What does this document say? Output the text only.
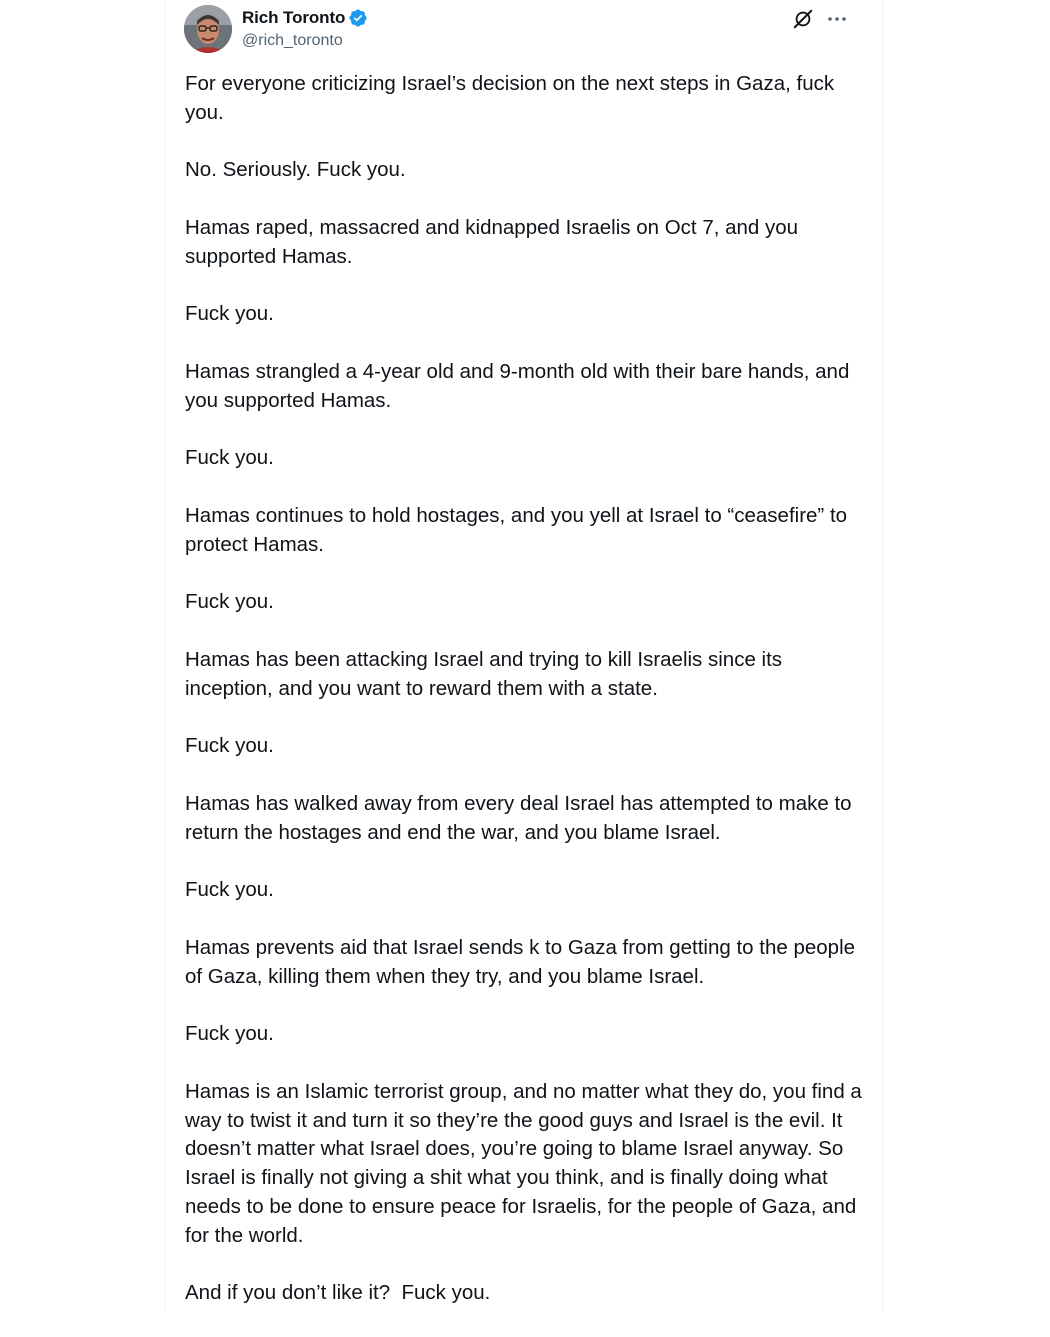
Rich Toronto
@rich_toronto

For everyone criticizing Israel’s decision on the next steps in Gaza, fuck you.

No. Seriously. Fuck you.

Hamas raped, massacred and kidnapped Israelis on Oct 7, and you supported Hamas.

Fuck you.

Hamas strangled a 4-year old and 9-month old with their bare hands, and you supported Hamas.

Fuck you.

Hamas continues to hold hostages, and you yell at Israel to “ceasefire” to protect Hamas.

Fuck you.

Hamas has been attacking Israel and trying to kill Israelis since its inception, and you want to reward them with a state.

Fuck you.

Hamas has walked away from every deal Israel has attempted to make to return the hostages and end the war, and you blame Israel.

Fuck you.

Hamas prevents aid that Israel sends k to Gaza from getting to the people of Gaza, killing them when they try, and you blame Israel.

Fuck you.

Hamas is an Islamic terrorist group, and no matter what they do, you find a way to twist it and turn it so they’re the good guys and Israel is the evil. It doesn’t matter what Israel does, you’re going to blame Israel anyway. So Israel is finally not giving a shit what you think, and is finally doing what needs to be done to ensure peace for Israelis, for the people of Gaza, and for the world.

And if you don’t like it?  Fuck you.
